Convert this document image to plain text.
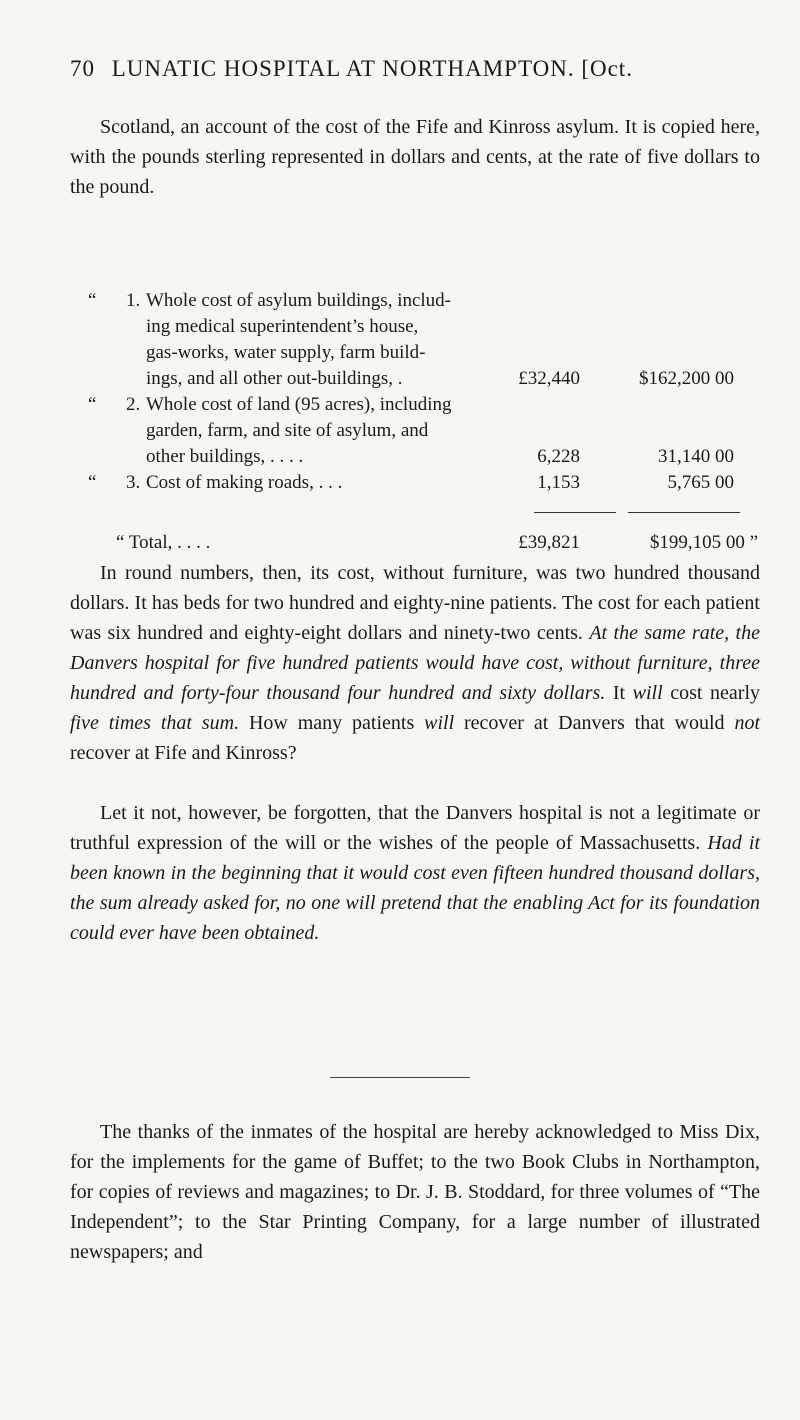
70 LUNATIC HOSPITAL AT NORTHAMPTON. [Oct.
Scotland, an account of the cost of the Fife and Kinross asylum. It is copied here, with the pounds sterling represented in dollars and cents, at the rate of five dollars to the pound.
“ 1. Whole cost of asylum buildings, includ-
ing medical superintendent’s house,
gas-works, water supply, farm build-
ings, and all other out-buildings, .	£32,440	$162,200 00
“ 2. Whole cost of land (95 acres), including
garden, farm, and site of asylum, and
other buildings, . . . .	6,228	31,140 00
“ 3. Cost of making roads, . . .	1,153	5,765 00
“ Total, . . . .	£39,821	$199,105 00 ”
In round numbers, then, its cost, without furniture, was two hundred thousand dollars. It has beds for two hundred and eighty-nine patients. The cost for each patient was six hundred and eighty-eight dollars and ninety-two cents. At the same rate, the Danvers hospital for five hundred patients would have cost, without furniture, three hundred and forty-four thousand four hundred and sixty dollars. It will cost nearly five times that sum. How many patients will recover at Danvers that would not recover at Fife and Kinross?
Let it not, however, be forgotten, that the Danvers hospital is not a legitimate or truthful expression of the will or the wishes of the people of Massachusetts. Had it been known in the beginning that it would cost even fifteen hundred thousand dollars, the sum already asked for, no one will pretend that the enabling Act for its foundation could ever have been obtained.
The thanks of the inmates of the hospital are hereby acknowledged to Miss Dix, for the implements for the game of Buffet; to the two Book Clubs in Northampton, for copies of reviews and magazines; to Dr. J. B. Stoddard, for three volumes of “The Independent”; to the Star Printing Company, for a large number of illustrated newspapers; and
